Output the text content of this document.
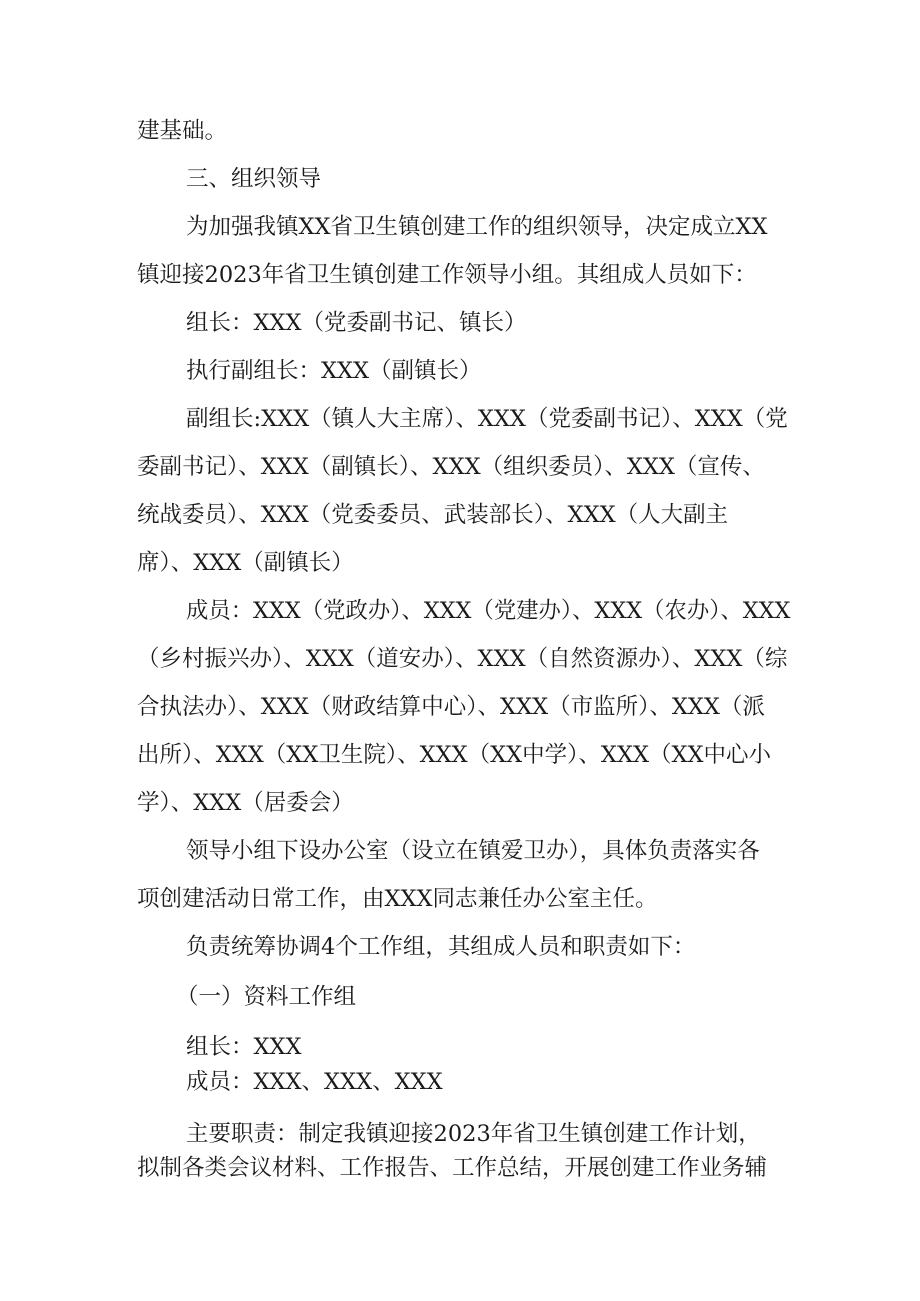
建基础。
三、组织领导
为加强我镇XX省卫生镇创建工作的组织领导，决定成立XX
镇迎接2023年省卫生镇创建工作领导小组。其组成人员如下：
组长：XXX（党委副书记、镇长）
执行副组长：XXX（副镇长）
副组长:XXX（镇人大主席）、XXX（党委副书记）、XXX（党
委副书记）、XXX（副镇长）、XXX（组织委员）、XXX（宣传、
统战委员）、XXX（党委委员、武装部长）、XXX（人大副主
席）、XXX（副镇长）
成员：XXX（党政办）、XXX（党建办）、XXX（农办）、XXX
（乡村振兴办）、XXX（道安办）、XXX（自然资源办）、XXX（综
合执法办）、XXX（财政结算中心）、XXX（市监所）、XXX（派
出所）、XXX（XX卫生院）、XXX（XX中学）、XXX（XX中心小
学）、XXX（居委会）
领导小组下设办公室（设立在镇爱卫办），具体负责落实各
项创建活动日常工作，由XXX同志兼任办公室主任。
负责统筹协调4个工作组，其组成人员和职责如下：
（一）资料工作组
组长：XXX
成员：XXX、XXX、XXX
主要职责：制定我镇迎接2023年省卫生镇创建工作计划，
拟制各类会议材料、工作报告、工作总结，开展创建工作业务辅
